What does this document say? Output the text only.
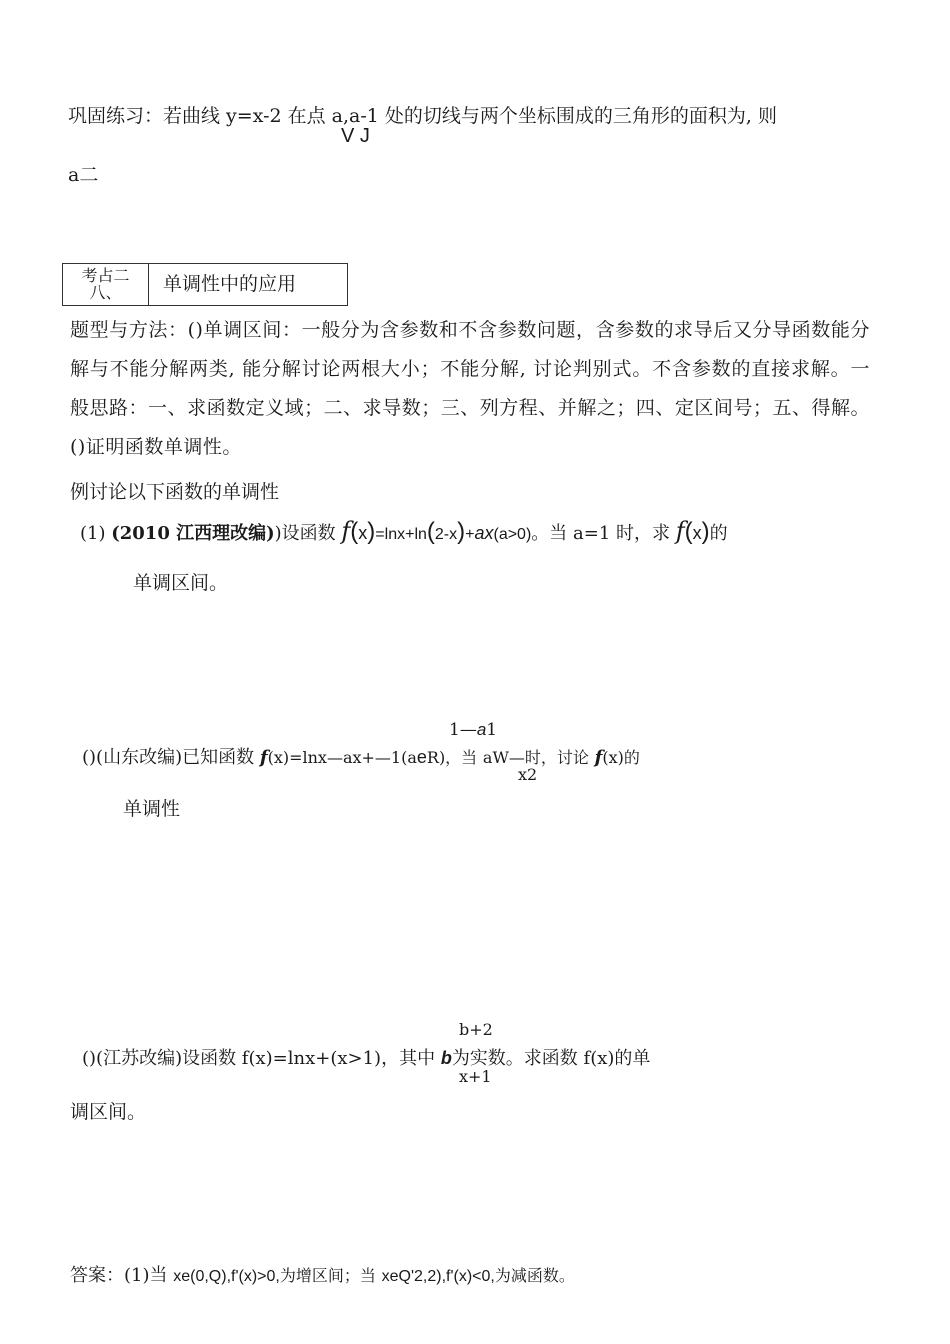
巩固练习：若曲线 y=x-2 在点 a,a-1 处的切线与两个坐标围成的三角形的面积为, 则
V J
a二
考占二
八、	单调性中的应用
题型与方法：()单调区间：一般分为含参数和不含参数问题，含参数的求导后又分导函数能分解与不能分解两类, 能分解讨论两根大小；不能分解, 讨论判别式。不含参数的直接求解。一般思路：一、求函数定义域；二、求导数；三、列方程、并解之；四、定区间号；五、得解。()证明函数单调性。
例讨论以下函数的单调性
(1) (2010 江西理改编))设函数 f(x)=lnx+ln(2-x)+ax(a>0)。当 a=1 时，求 f(x)的
单调区间。
1—a1
()(山东改编)已知函数 f(x)=lnx—ax+—1(aeR)，当 aW—时，讨论 f(x)的
x2
单调性
b+2
()(江苏改编)设函数 f(x)=lnx+(x>1)，其中 b为实数。求函数 f(x)的单
x+1
调区间。
答案：(1)当 xe(0,Q),f'(x)>0,为增区间；当 xeQ'2,2),f'(x)<0,为减函数。
